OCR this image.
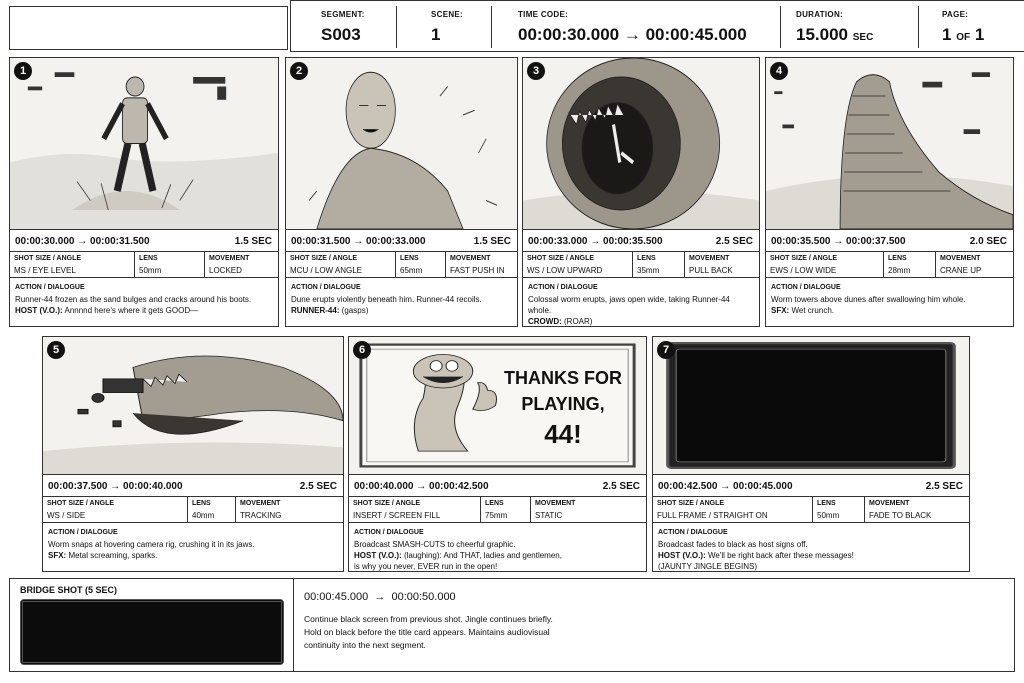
SEGMENT:
S003
SCENE:
1
TIME CODE:
00:00:30.000 → 00:00:45.000
DURATION:
15.000 SEC
PAGE:
1 OF 1
1
00:00:30.000 → 00:00:31.500	1.5 SEC
SHOT SIZE / ANGLE
MS / EYE LEVEL
LENS
50mm
MOVEMENT
LOCKED
ACTION / DIALOGUE
Runner-44 frozen as the sand bulges and cracks around his boots.
HOST (V.O.): Annnnd here's where it gets GOOD—
2
00:00:31.500 → 00:00:33.000	1.5 SEC
SHOT SIZE / ANGLE
MCU / LOW ANGLE
LENS
65mm
MOVEMENT
FAST PUSH IN
ACTION / DIALOGUE
Dune erupts violently beneath him. Runner-44 recoils.
RUNNER-44: (gasps)
3
00:00:33.000 → 00:00:35.500	2.5 SEC
SHOT SIZE / ANGLE
WS / LOW UPWARD
LENS
35mm
MOVEMENT
PULL BACK
ACTION / DIALOGUE
Colossal worm erupts, jaws open wide, taking Runner-44 whole.
CROWD: (ROAR)
4
00:00:35.500 → 00:00:37.500	2.0 SEC
SHOT SIZE / ANGLE
EWS / LOW WIDE
LENS
28mm
MOVEMENT
CRANE UP
ACTION / DIALOGUE
Worm towers above dunes after swallowing him whole.
SFX: Wet crunch.
5
00:00:37.500 → 00:00:40.000	2.5 SEC
SHOT SIZE / ANGLE
WS / SIDE
LENS
40mm
MOVEMENT
TRACKING
ACTION / DIALOGUE
Worm snaps at hovering camera rig, crushing it in its jaws.
SFX: Metal screaming, sparks.
6
THANKS FOR
PLAYING,
44!
00:00:40.000 → 00:00:42.500	2.5 SEC
SHOT SIZE / ANGLE
INSERT / SCREEN FILL
LENS
75mm
MOVEMENT
STATIC
ACTION / DIALOGUE
Broadcast SMASH-CUTS to cheerful graphic.
HOST (V.O.): (laughing): And THAT, ladies and gentlemen,
is why you never, EVER run in the open!
7
00:00:42.500 → 00:00:45.000	2.5 SEC
SHOT SIZE / ANGLE
FULL FRAME / STRAIGHT ON
LENS
50mm
MOVEMENT
FADE TO BLACK
ACTION / DIALOGUE
Broadcast fades to black as host signs off.
HOST (V.O.): We'll be right back after these messages!
(JAUNTY JINGLE BEGINS)
BRIDGE SHOT (5 SEC)
00:00:45.000  →  00:00:50.000
Continue black screen from previous shot. Jingle continues briefly.
Hold on black before the title card appears. Maintains audiovisual
continuity into the next segment.
